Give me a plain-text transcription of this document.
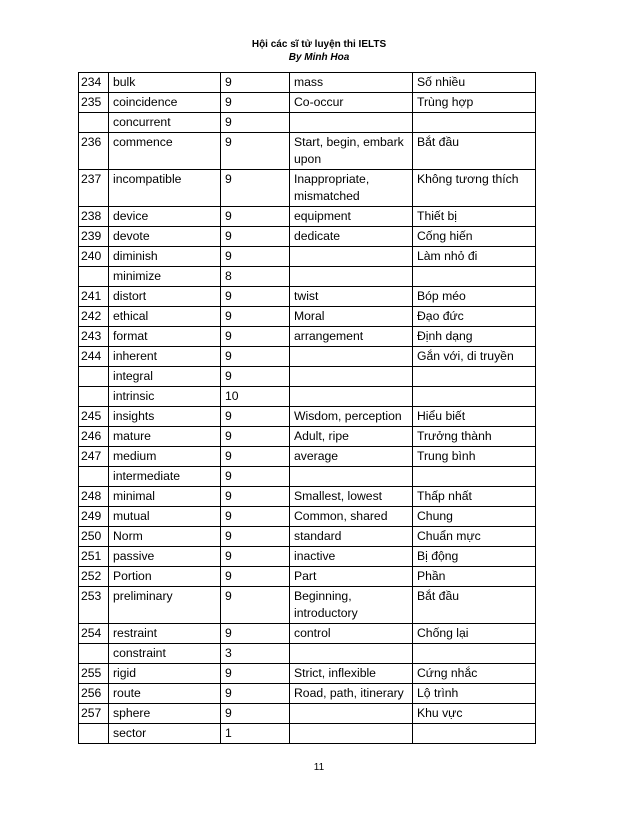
Hội các sĩ tử luyện thi IELTS
By Minh Hoa
234	bulk	9	mass	Số nhiều
235	coincidence	9	Co-occur	Trùng hợp
	concurrent	9		
236	commence	9	Start, begin, embark upon	Bắt đầu
237	incompatible	9	Inappropriate, mismatched	Không tương thích
238	device	9	equipment	Thiết bị
239	devote	9	dedicate	Cống hiến
240	diminish	9		Làm nhỏ đi
	minimize	8		
241	distort	9	twist	Bóp méo
242	ethical	9	Moral	Đạo đức
243	format	9	arrangement	Định dạng
244	inherent	9		Gắn với, di truyền
	integral	9		
	intrinsic	10		
245	insights	9	Wisdom, perception	Hiểu biết
246	mature	9	Adult, ripe	Trưởng thành
247	medium	9	average	Trung bình
	intermediate	9		
248	minimal	9	Smallest, lowest	Thấp nhất
249	mutual	9	Common, shared	Chung
250	Norm	9	standard	Chuẩn mực
251	passive	9	inactive	Bị động
252	Portion	9	Part	Phần
253	preliminary	9	Beginning, introductory	Bắt đầu
254	restraint	9	control	Chống lại
	constraint	3		
255	rigid	9	Strict, inflexible	Cứng nhắc
256	route	9	Road, path, itinerary	Lộ trình
257	sphere	9		Khu vực
	sector	1		
11
